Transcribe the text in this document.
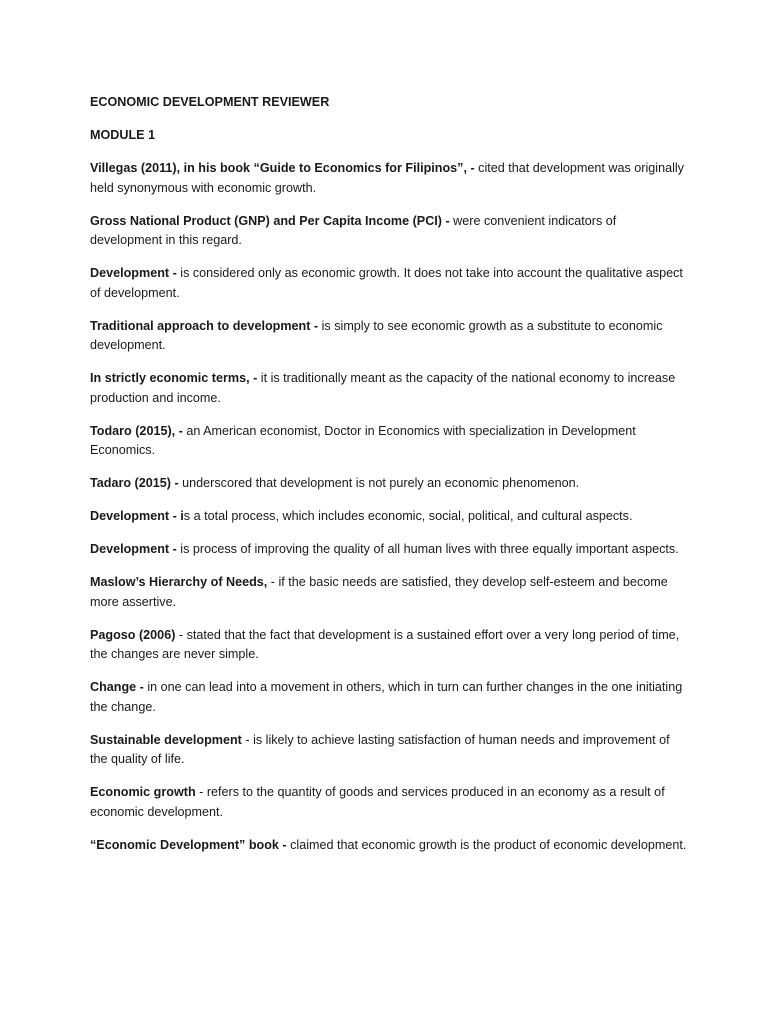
ECONOMIC DEVELOPMENT REVIEWER
MODULE 1
Villegas (2011), in his book “Guide to Economics for Filipinos”, - cited that development was originally held synonymous with economic growth.
Gross National Product (GNP) and Per Capita Income (PCI) - were convenient indicators of development in this regard.
Development - is considered only as economic growth. It does not take into account the qualitative aspect of development.
Traditional approach to development - is simply to see economic growth as a substitute to economic development.
In strictly economic terms, - it is traditionally meant as the capacity of the national economy to increase production and income.
Todaro (2015), - an American economist, Doctor in Economics with specialization in Development Economics.
Tadaro (2015) - underscored that development is not purely an economic phenomenon.
Development - is a total process, which includes economic, social, political, and cultural aspects.
Development - is process of improving the quality of all human lives with three equally important aspects.
Maslow’s Hierarchy of Needs, - if the basic needs are satisfied, they develop self-esteem and become more assertive.
Pagoso (2006) - stated that the fact that development is a sustained effort over a very long period of time, the changes are never simple.
Change - in one can lead into a movement in others, which in turn can further changes in the one initiating the change.
Sustainable development - is likely to achieve lasting satisfaction of human needs and improvement of the quality of life.
Economic growth - refers to the quantity of goods and services produced in an economy as a result of economic development.
“Economic Development” book - claimed that economic growth is the product of economic development.
